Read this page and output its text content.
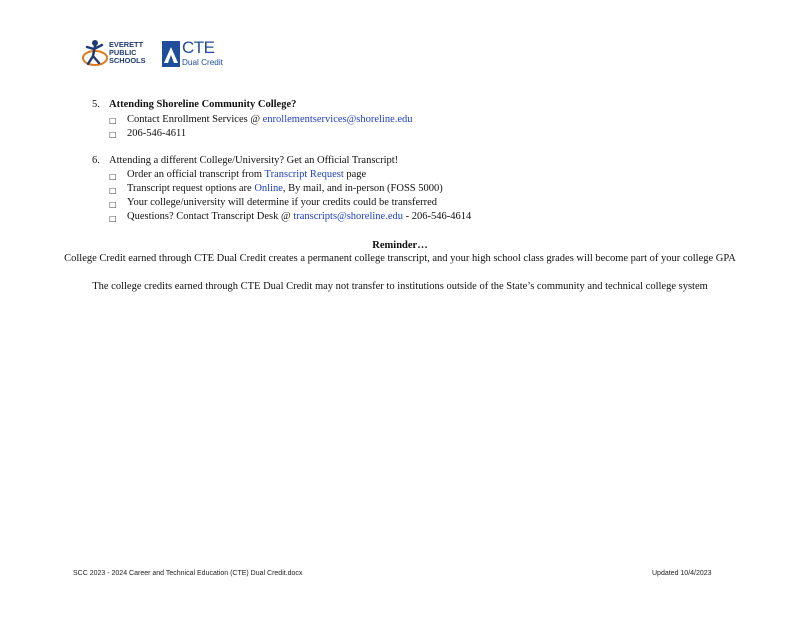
EVERETT
PUBLIC
SCHOOLS
CTE
Dual Credit
5. Attending Shoreline Community College?
□ Contact Enrollment Services @ enrollementservices@shoreline.edu
□ 206-546-4611
6. Attending a different College/University? Get an Official Transcript!
□ Order an official transcript from Transcript Request page
□ Transcript request options are Online, By mail, and in-person (FOSS 5000)
□ Your college/university will determine if your credits could be transferred
□ Questions? Contact Transcript Desk @ transcripts@shoreline.edu - 206-546-4614
Reminder…
College Credit earned through CTE Dual Credit creates a permanent college transcript, and your high school class grades will become part of your college GPA
The college credits earned through CTE Dual Credit may not transfer to institutions outside of the State’s community and technical college system
SCC 2023 - 2024 Career and Technical Education (CTE) Dual Credit.docx	Updated 10/4/2023
